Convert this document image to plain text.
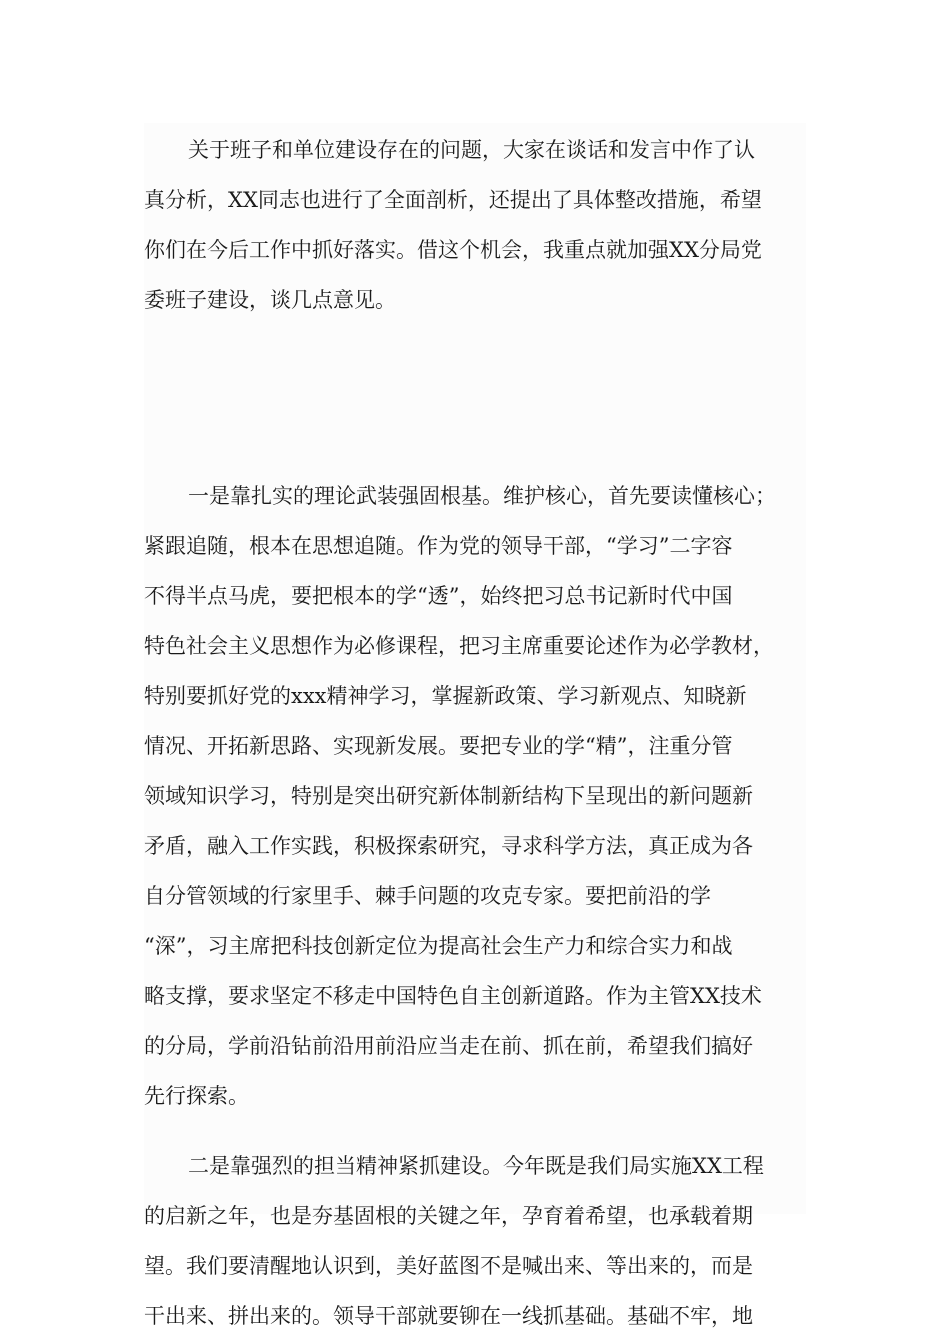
关于班子和单位建设存在的问题，大家在谈话和发言中作了认
真分析，XX同志也进行了全面剖析，还提出了具体整改措施，希望
你们在今后工作中抓好落实。借这个机会，我重点就加强XX分局党
委班子建设，谈几点意见。

一是靠扎实的理论武装强固根基。维护核心，首先要读懂核心；
紧跟追随，根本在思想追随。作为党的领导干部，“学习”二字容
不得半点马虎，要把根本的学“透”，始终把习总书记新时代中国
特色社会主义思想作为必修课程，把习主席重要论述作为必学教材，
特别要抓好党的xxx精神学习，掌握新政策、学习新观点、知晓新
情况、开拓新思路、实现新发展。要把专业的学“精”，注重分管
领域知识学习，特别是突出研究新体制新结构下呈现出的新问题新
矛盾，融入工作实践，积极探索研究，寻求科学方法，真正成为各
自分管领域的行家里手、棘手问题的攻克专家。要把前沿的学
“深”，习主席把科技创新定位为提高社会生产力和综合实力和战
略支撑，要求坚定不移走中国特色自主创新道路。作为主管XX技术
的分局，学前沿钻前沿用前沿应当走在前、抓在前，希望我们搞好
先行探索。

二是靠强烈的担当精神紧抓建设。今年既是我们局实施XX工程
的启新之年，也是夯基固根的关键之年，孕育着希望，也承载着期
望。我们要清醒地认识到，美好蓝图不是喊出来、等出来的，而是
干出来、拼出来的。领导干部就要铆在一线抓基础。基础不牢，地
